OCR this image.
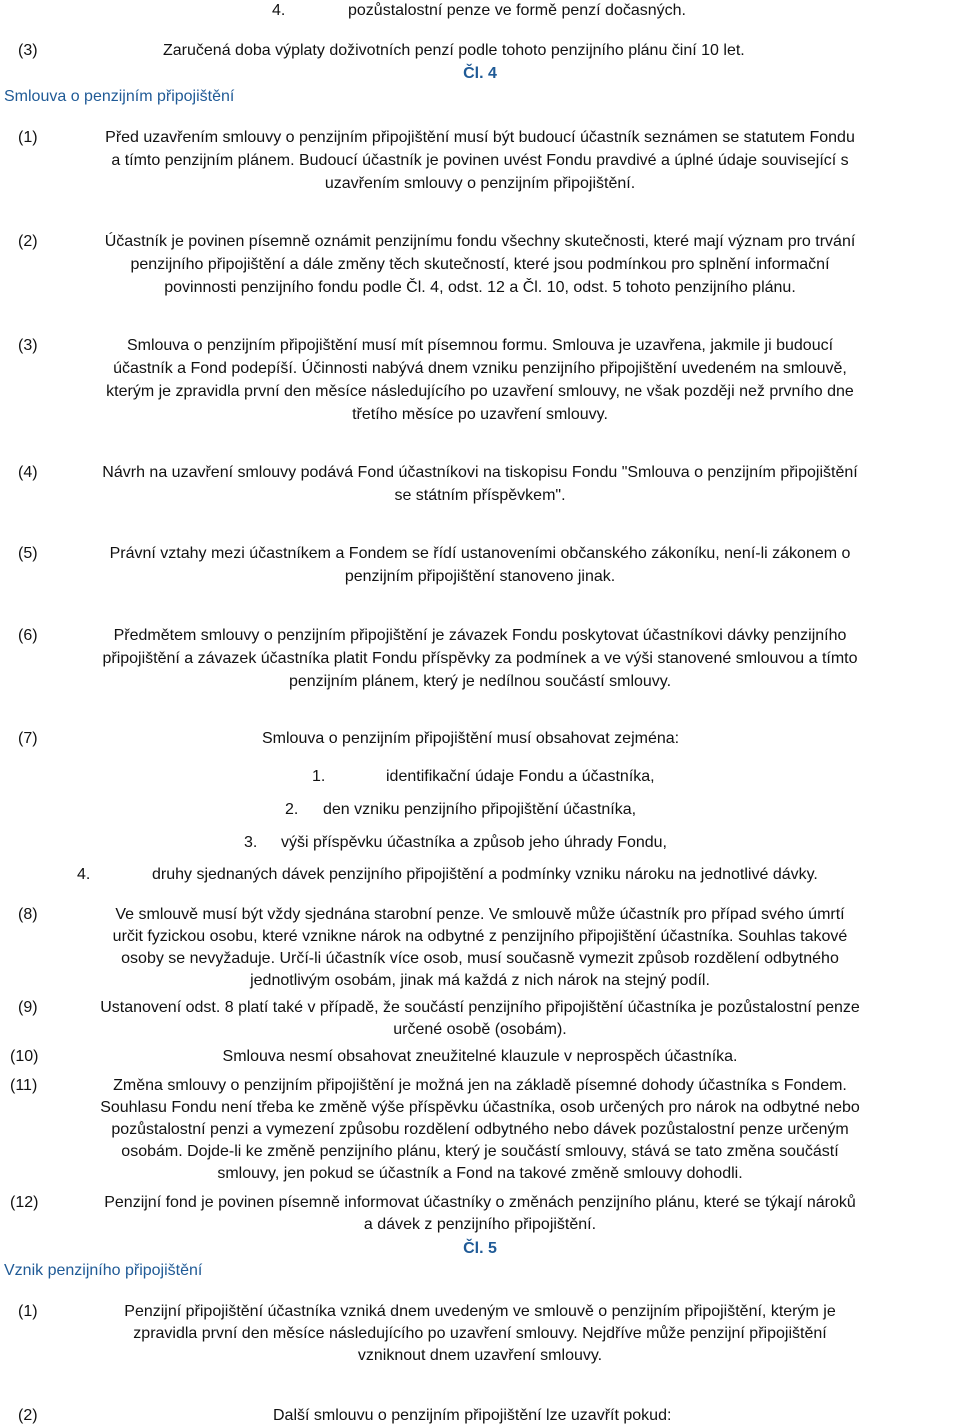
4.	pozůstalostní penze ve formě penzí dočasných.
(3)	Zaručená doba výplaty doživotních penzí podle tohoto penzijního plánu činí 10 let.
Čl. 4
Smlouva o penzijním připojištění
(1)	Před uzavřením smlouvy o penzijním připojištění musí být budoucí účastník seznámen se statutem Fondu
a tímto penzijním plánem. Budoucí účastník je povinen uvést Fondu pravdivé a úplné údaje související s
uzavřením smlouvy o penzijním připojištění.
(2)	Účastník je povinen písemně oznámit penzijnímu fondu všechny skutečnosti, které mají význam pro trvání
penzijního připojištění a dále změny těch skutečností, které jsou podmínkou pro splnění informační
povinnosti penzijního fondu podle Čl. 4, odst. 12 a Čl. 10, odst. 5 tohoto penzijního plánu.
(3)	Smlouva o penzijním připojištění musí mít písemnou formu. Smlouva je uzavřena, jakmile ji budoucí
účastník a Fond podepíší. Účinnosti nabývá dnem vzniku penzijního připojištění uvedeném na smlouvě,
kterým je zpravidla první den měsíce následujícího po uzavření smlouvy, ne však později než prvního dne
třetího měsíce po uzavření smlouvy.
(4)	Návrh na uzavření smlouvy podává Fond účastníkovi na tiskopisu Fondu "Smlouva o penzijním připojištění
se státním příspěvkem".
(5)	Právní vztahy mezi účastníkem a Fondem se řídí ustanoveními občanského zákoníku, není-li zákonem o
penzijním připojištění stanoveno jinak.
(6)	Předmětem smlouvy o penzijním připojištění je závazek Fondu poskytovat účastníkovi dávky penzijního
připojištění a závazek účastníka platit Fondu příspěvky za podmínek a ve výši stanovené smlouvou a tímto
penzijním plánem, který je nedílnou součástí smlouvy.
(7)	Smlouva o penzijním připojištění musí obsahovat zejména:
1.	identifikační údaje Fondu a účastníka,
2. den vzniku penzijního připojištění účastníka,
3. výši příspěvku účastníka a způsob jeho úhrady Fondu,
4.	druhy sjednaných dávek penzijního připojištění a podmínky vzniku nároku na jednotlivé dávky.
(8)	Ve smlouvě musí být vždy sjednána starobní penze. Ve smlouvě může účastník pro případ svého úmrtí
určit fyzickou osobu, které vznikne nárok na odbytné z penzijního připojištění účastníka. Souhlas takové
osoby se nevyžaduje. Určí-li účastník více osob, musí současně vymezit způsob rozdělení odbytného
jednotlivým osobám, jinak má každá z nich nárok na stejný podíl.
(9)	Ustanovení odst. 8 platí také v případě, že součástí penzijního připojištění účastníka je pozůstalostní penze
určené osobě (osobám).
(10)	Smlouva nesmí obsahovat zneužitelné klauzule v neprospěch účastníka.
(11)	Změna smlouvy o penzijním připojištění je možná jen na základě písemné dohody účastníka s Fondem.
Souhlasu Fondu není třeba ke změně výše příspěvku účastníka, osob určených pro nárok na odbytné nebo
pozůstalostní penzi a vymezení způsobu rozdělení odbytného nebo dávek pozůstalostní penze určeným
osobám. Dojde-li ke změně penzijního plánu, který je součástí smlouvy, stává se tato změna součástí
smlouvy, jen pokud se účastník a Fond na takové změně smlouvy dohodli.
(12)	Penzijní fond je povinen písemně informovat účastníky o změnách penzijního plánu, které se týkají nároků
a dávek z penzijního připojištění.
Čl. 5
Vznik penzijního připojištění
(1)	Penzijní připojištění účastníka vzniká dnem uvedeným ve smlouvě o penzijním připojištění, kterým je
zpravidla první den měsíce následujícího po uzavření smlouvy. Nejdříve může penzijní připojištění
vzniknout dnem uzavření smlouvy.
(2)	Další smlouvu o penzijním připojištění lze uzavřít pokud:
